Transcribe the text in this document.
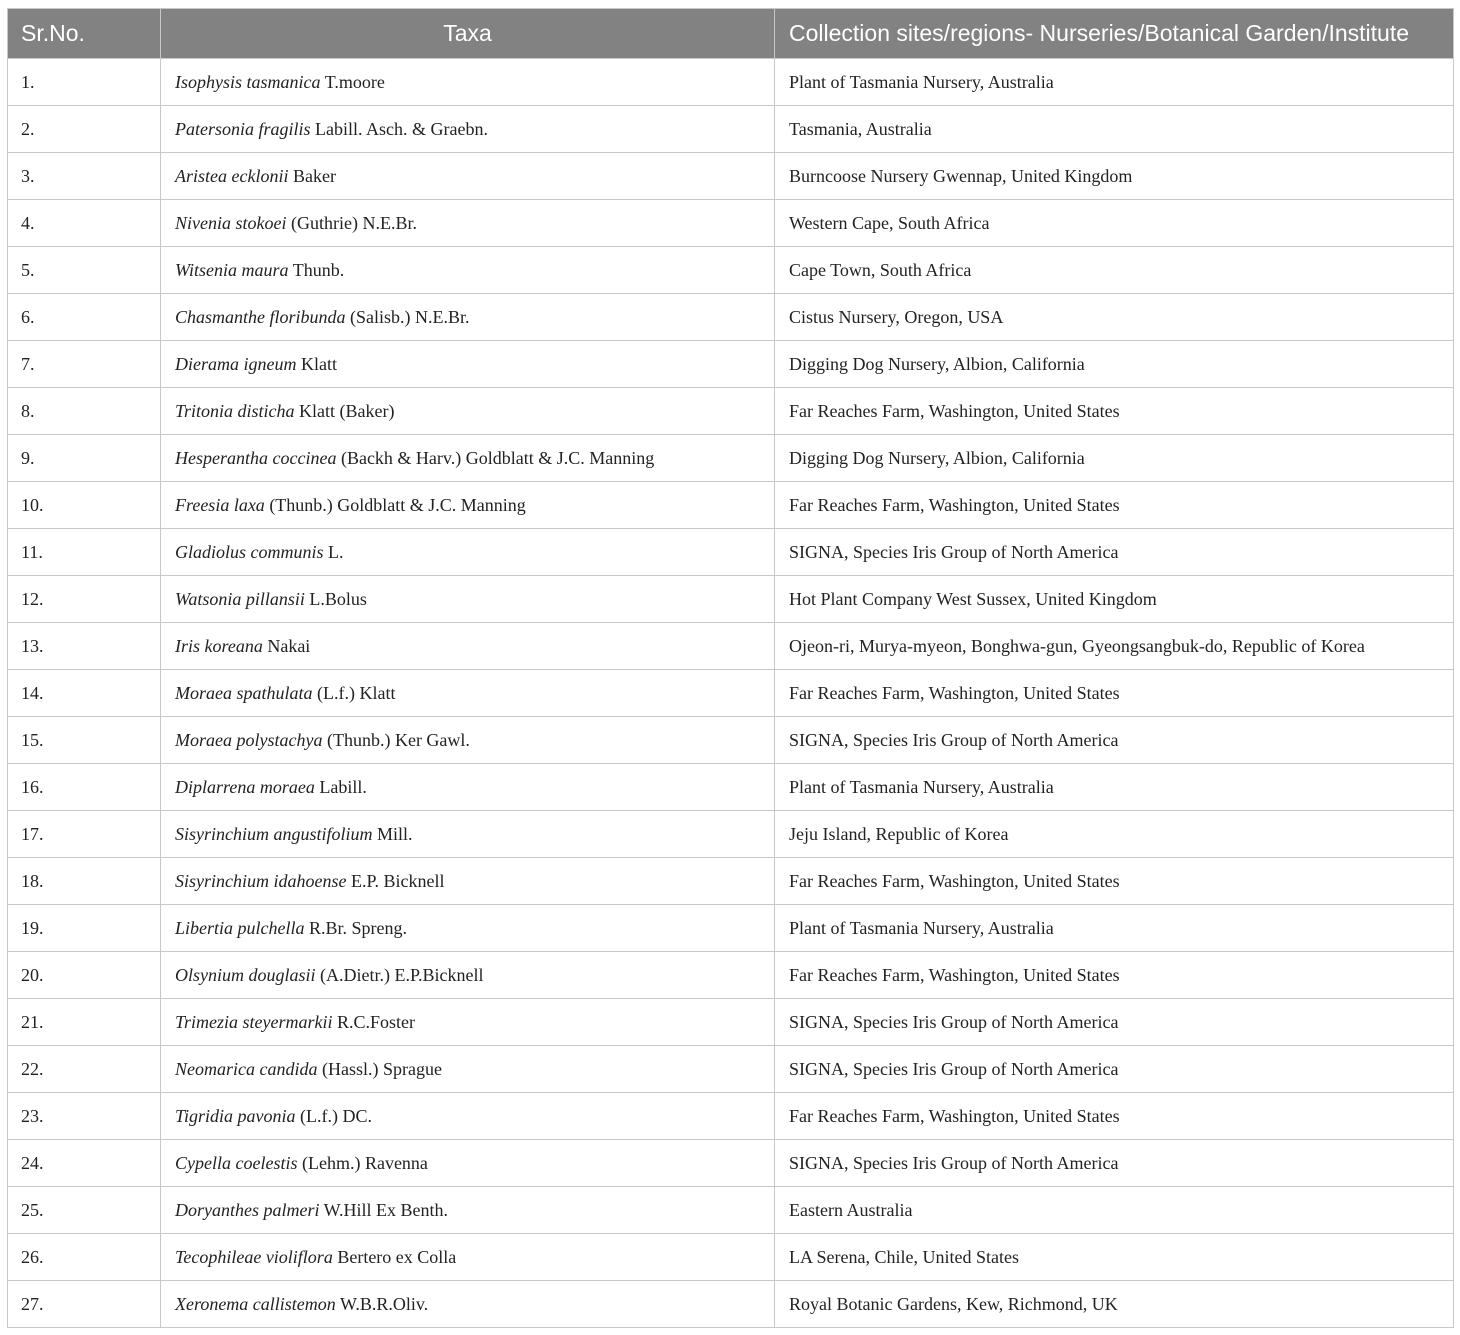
Sr.No.	Taxa	Collection sites/regions- Nurseries/Botanical Garden/Institute
1.	Isophysis tasmanica T.moore	Plant of Tasmania Nursery, Australia
2.	Patersonia fragilis Labill. Asch. & Graebn.	Tasmania, Australia
3.	Aristea ecklonii Baker	Burncoose Nursery Gwennap, United Kingdom
4.	Nivenia stokoei (Guthrie) N.E.Br.	Western Cape, South Africa
5.	Witsenia maura Thunb.	Cape Town, South Africa
6.	Chasmanthe floribunda (Salisb.) N.E.Br.	Cistus Nursery, Oregon, USA
7.	Dierama igneum Klatt	Digging Dog Nursery, Albion, California
8.	Tritonia disticha Klatt (Baker)	Far Reaches Farm, Washington, United States
9.	Hesperantha coccinea (Backh & Harv.) Goldblatt & J.C. Manning	Digging Dog Nursery, Albion, California
10.	Freesia laxa (Thunb.) Goldblatt & J.C. Manning	Far Reaches Farm, Washington, United States
11.	Gladiolus communis L.	SIGNA, Species Iris Group of North America
12.	Watsonia pillansii L.Bolus	Hot Plant Company West Sussex, United Kingdom
13.	Iris koreana Nakai	Ojeon-ri, Murya-myeon, Bonghwa-gun, Gyeongsangbuk-do, Republic of Korea
14.	Moraea spathulata (L.f.) Klatt	Far Reaches Farm, Washington, United States
15.	Moraea polystachya (Thunb.) Ker Gawl.	SIGNA, Species Iris Group of North America
16.	Diplarrena moraea Labill.	Plant of Tasmania Nursery, Australia
17.	Sisyrinchium angustifolium Mill.	Jeju Island, Republic of Korea
18.	Sisyrinchium idahoense E.P. Bicknell	Far Reaches Farm, Washington, United States
19.	Libertia pulchella R.Br. Spreng.	Plant of Tasmania Nursery, Australia
20.	Olsynium douglasii (A.Dietr.) E.P.Bicknell	Far Reaches Farm, Washington, United States
21.	Trimezia steyermarkii R.C.Foster	SIGNA, Species Iris Group of North America
22.	Neomarica candida (Hassl.) Sprague	SIGNA, Species Iris Group of North America
23.	Tigridia pavonia (L.f.) DC.	Far Reaches Farm, Washington, United States
24.	Cypella coelestis (Lehm.) Ravenna	SIGNA, Species Iris Group of North America
25.	Doryanthes palmeri W.Hill Ex Benth.	Eastern Australia
26.	Tecophileae violiflora Bertero ex Colla	LA Serena, Chile, United States
27.	Xeronema callistemon W.B.R.Oliv.	Royal Botanic Gardens, Kew, Richmond, UK
